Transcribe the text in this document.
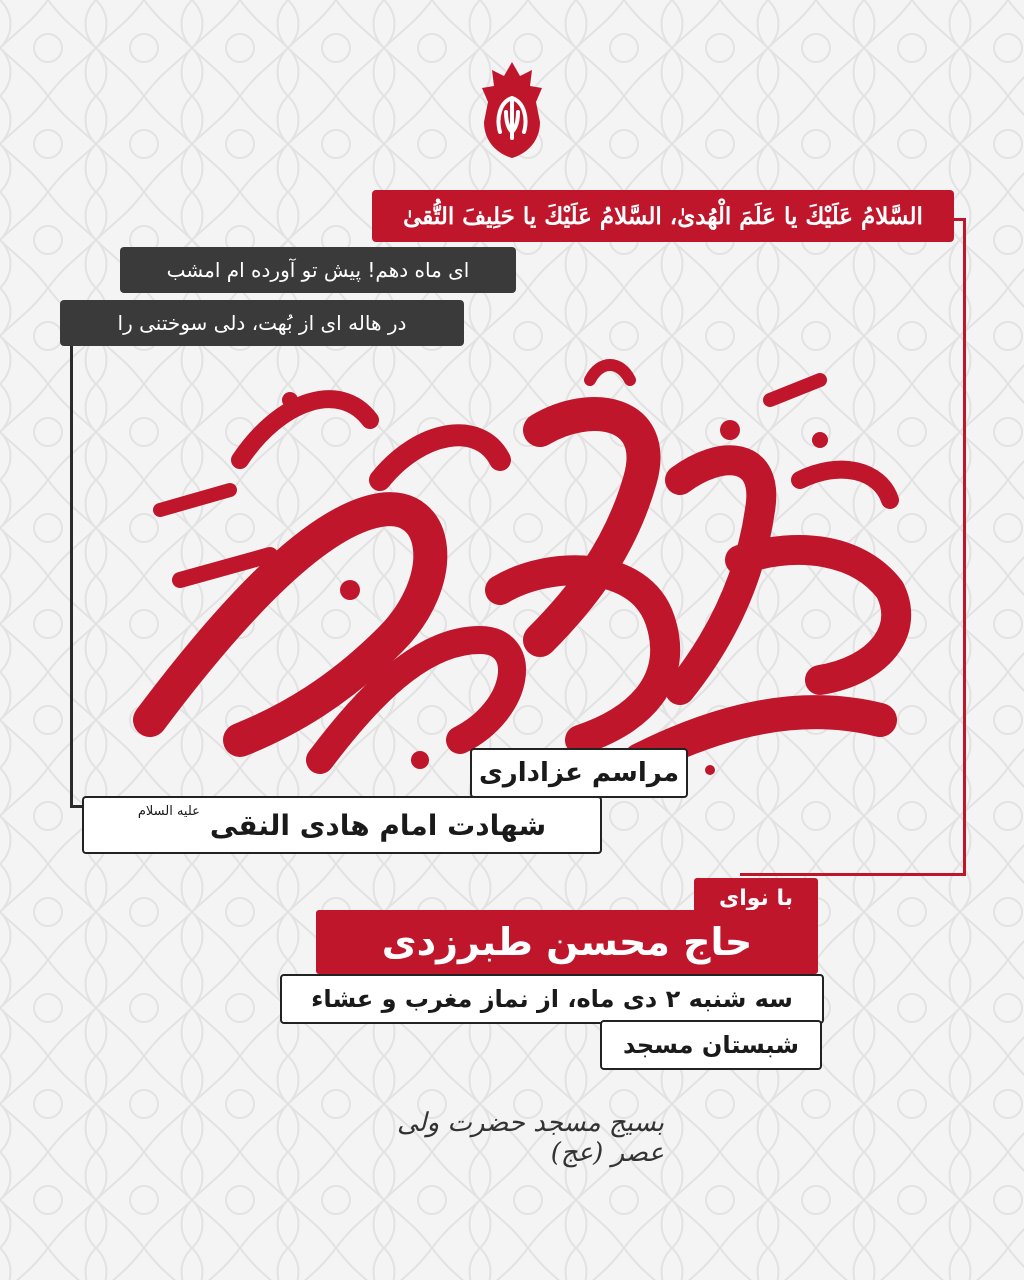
السَّلامُ عَلَيْكَ يا عَلَمَ الْهُدىٰ، السَّلامُ عَلَيْكَ يا حَلِيفَ التُّقىٰ
ای ماه دهم! پیش تو آورده ام امشب
در هاله ای از بُهت، دلی سوختنی را
مراسم عزاداری
شهادت امام هادی النقی
علیه السلام
با نوای
حاج محسن طبرزدی
سه شنبه ۲ دی ماه، از نماز مغرب و عشاء
شبستان مسجد
بسیج مسجد حضرت ولی عصر (عج)
